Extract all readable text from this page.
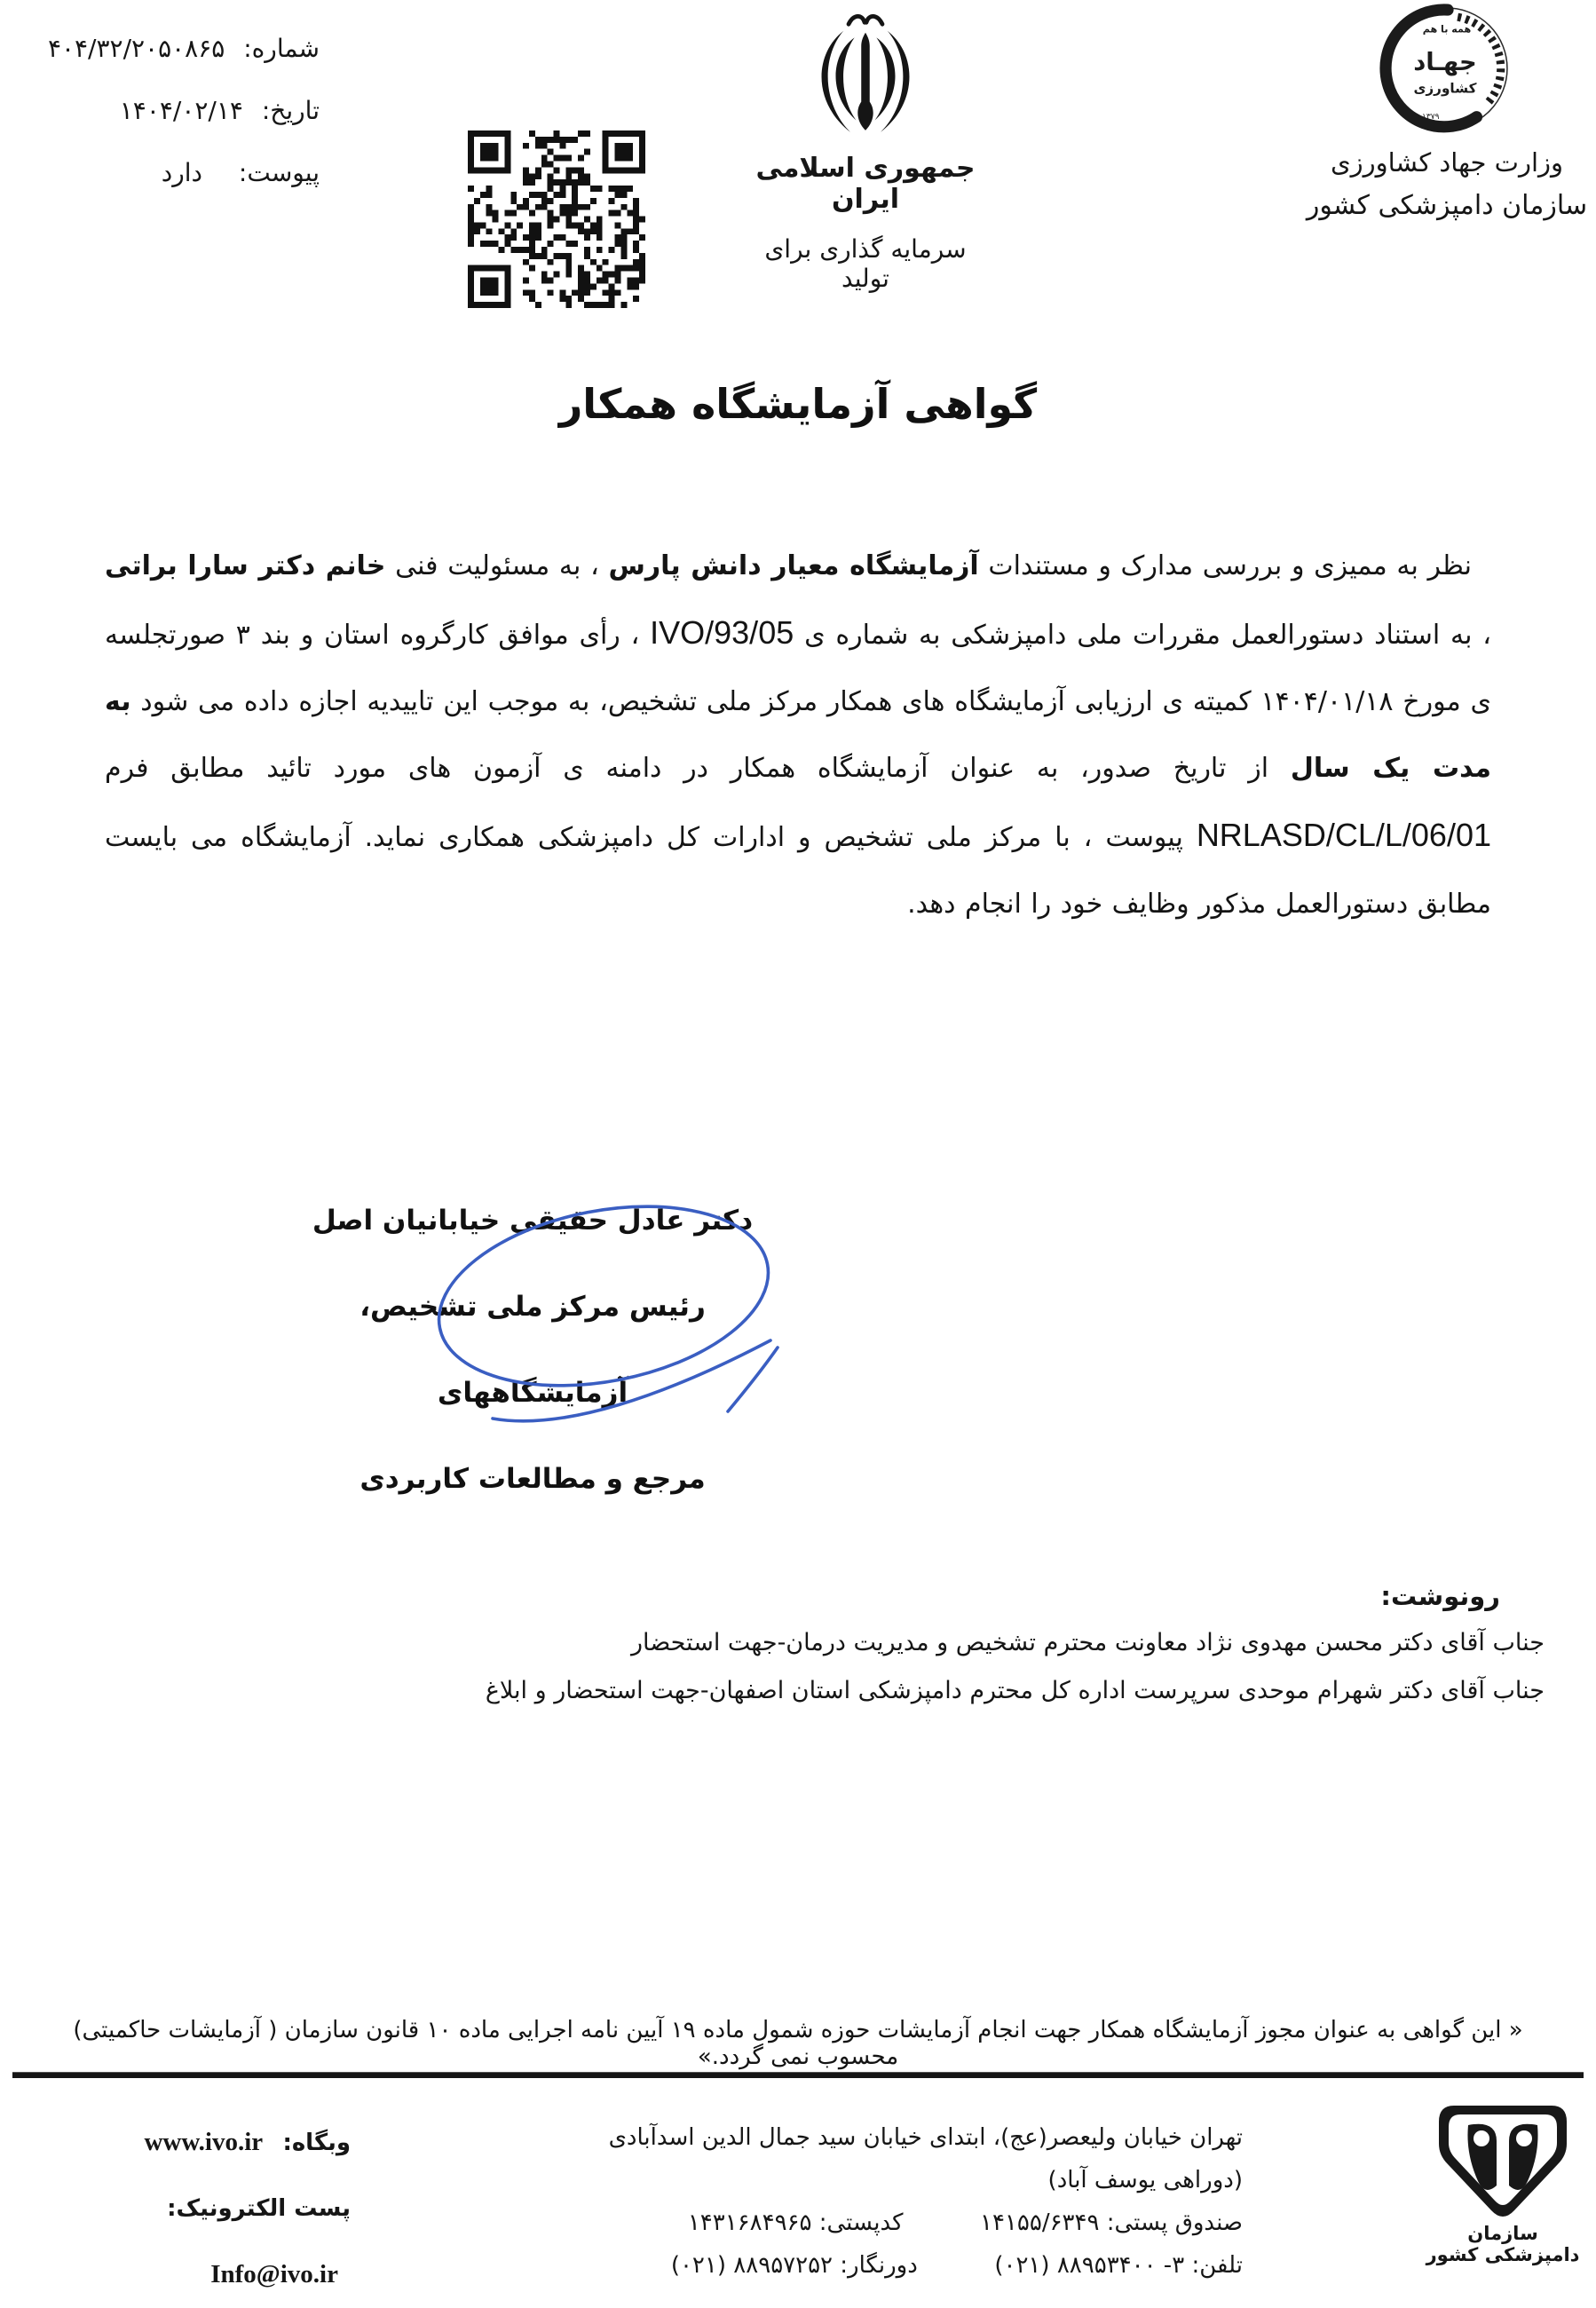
شماره: ۴۰۴/۳۲/۲۰۵۰۸۶۵
تاریخ: ۱۴۰۴/۰۲/۱۴
پیوست: دارد	جمهوری اسلامی ایران
سرمایه گذاری برای تولید
همه با هم
جهـاد
کشاورزی
۱۳۷۹
وزارت جهاد کشاورزی
سازمان دامپزشکی کشور
گواهی آزمایشگاه همکار
نظر به ممیزی و بررسی مدارک و مستندات آزمایشگاه معیار دانش پارس ، به مسئولیت فنی خانم دکتر سارا براتی ، به استناد دستورالعمل مقررات ملی دامپزشکی به شماره ی IVO/93/05 ، رأی موافق کارگروه استان و بند ۳ صورتجلسه ی مورخ ۱۴۰۴/۰۱/۱۸ کمیته ی ارزیابی آزمایشگاه های همکار مرکز ملی تشخیص، به موجب این تاییدیه اجازه داده می شود به مدت یک سال از تاریخ صدور، به عنوان آزمایشگاه همکار در دامنه ی آزمون های مورد تائید مطابق فرم NRLASD/CL/L/06/01 پیوست ، با مرکز ملی تشخیص و ادارات کل دامپزشکی همکاری نماید. آزمایشگاه می بایست مطابق دستورالعمل مذکور وظایف خود را انجام دهد.
دکتر عادل حقیقی خیابانیان اصل
رئیس مرکز ملی تشخیص، آزمایشگاههای
مرجع و مطالعات کاربردی
رونوشت:
جناب آقای دکتر محسن مهدوی نژاد معاونت محترم تشخیص و مدیریت درمان-جهت استحضار
جناب آقای دکتر شهرام موحدی سرپرست اداره کل محترم دامپزشکی استان اصفهان-جهت استحضار و ابلاغ
« این گواهی به عنوان مجوز آزمایشگاه همکار جهت انجام آزمایشات حوزه شمول ماده ۱۹ آیین نامه اجرایی ماده ۱۰ قانون سازمان ( آزمایشات حاکمیتی) محسوب نمی گردد.»
وبگاه: www.ivo.ir
پست الکترونیک: Info@ivo.ir
تهران خیابان ولیعصر(عج)، ابتدای خیابان سید جمال الدین اسدآبادی (دوراهی یوسف آباد)
صندوق پستی: ۱۴۱۵۵/۶۳۴۹  کدپستی: ۱۴۳۱۶۸۴۹۶۵
تلفن: ۳- ۸۸۹۵۳۴۰۰ (۰۲۱)  دورنگار: ۸۸۹۵۷۲۵۲ (۰۲۱)
سازمان دامپزشکی کشور
